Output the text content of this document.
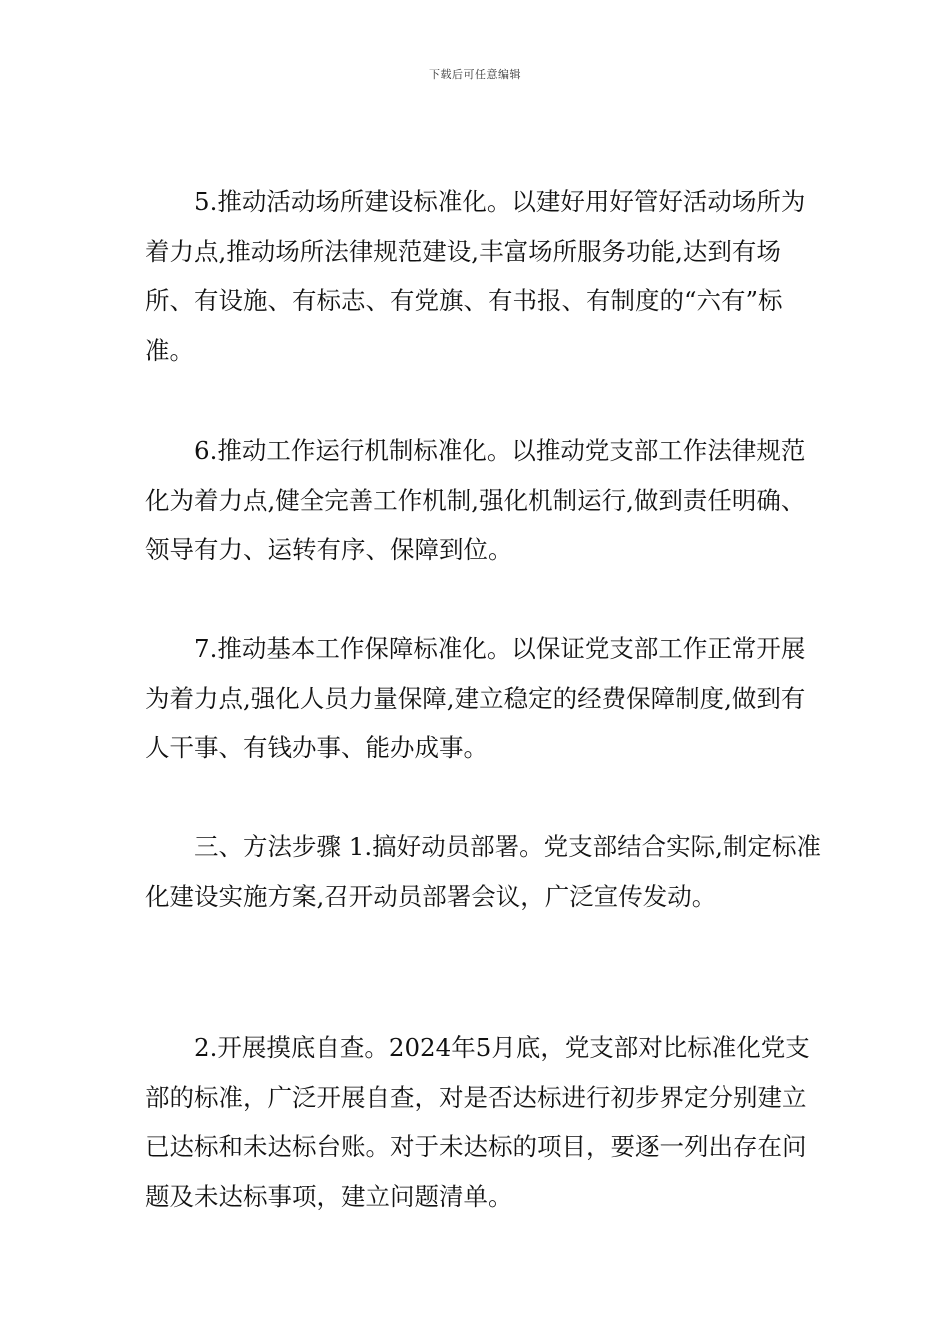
下载后可任意编辑

5.推动活动场所建设标准化。以建好用好管好活动场所为着力点,推动场所法律规范建设,丰富场所服务功能,达到有场所、有设施、有标志、有党旗、有书报、有制度的“六有”标准。

6.推动工作运行机制标准化。以推动党支部工作法律规范化为着力点,健全完善工作机制,强化机制运行,做到责任明确、领导有力、运转有序、保障到位。

7.推动基本工作保障标准化。以保证党支部工作正常开展为着力点,强化人员力量保障,建立稳定的经费保障制度,做到有人干事、有钱办事、能办成事。

三、方法步骤 1.搞好动员部署。党支部结合实际,制定标准化建设实施方案,召开动员部署会议，广泛宣传发动。

2.开展摸底自查。2024年5月底，党支部对比标准化党支部的标准，广泛开展自查，对是否达标进行初步界定分别建立已达标和未达标台账。对于未达标的项目，要逐一列出存在问题及未达标事项，建立问题清单。
